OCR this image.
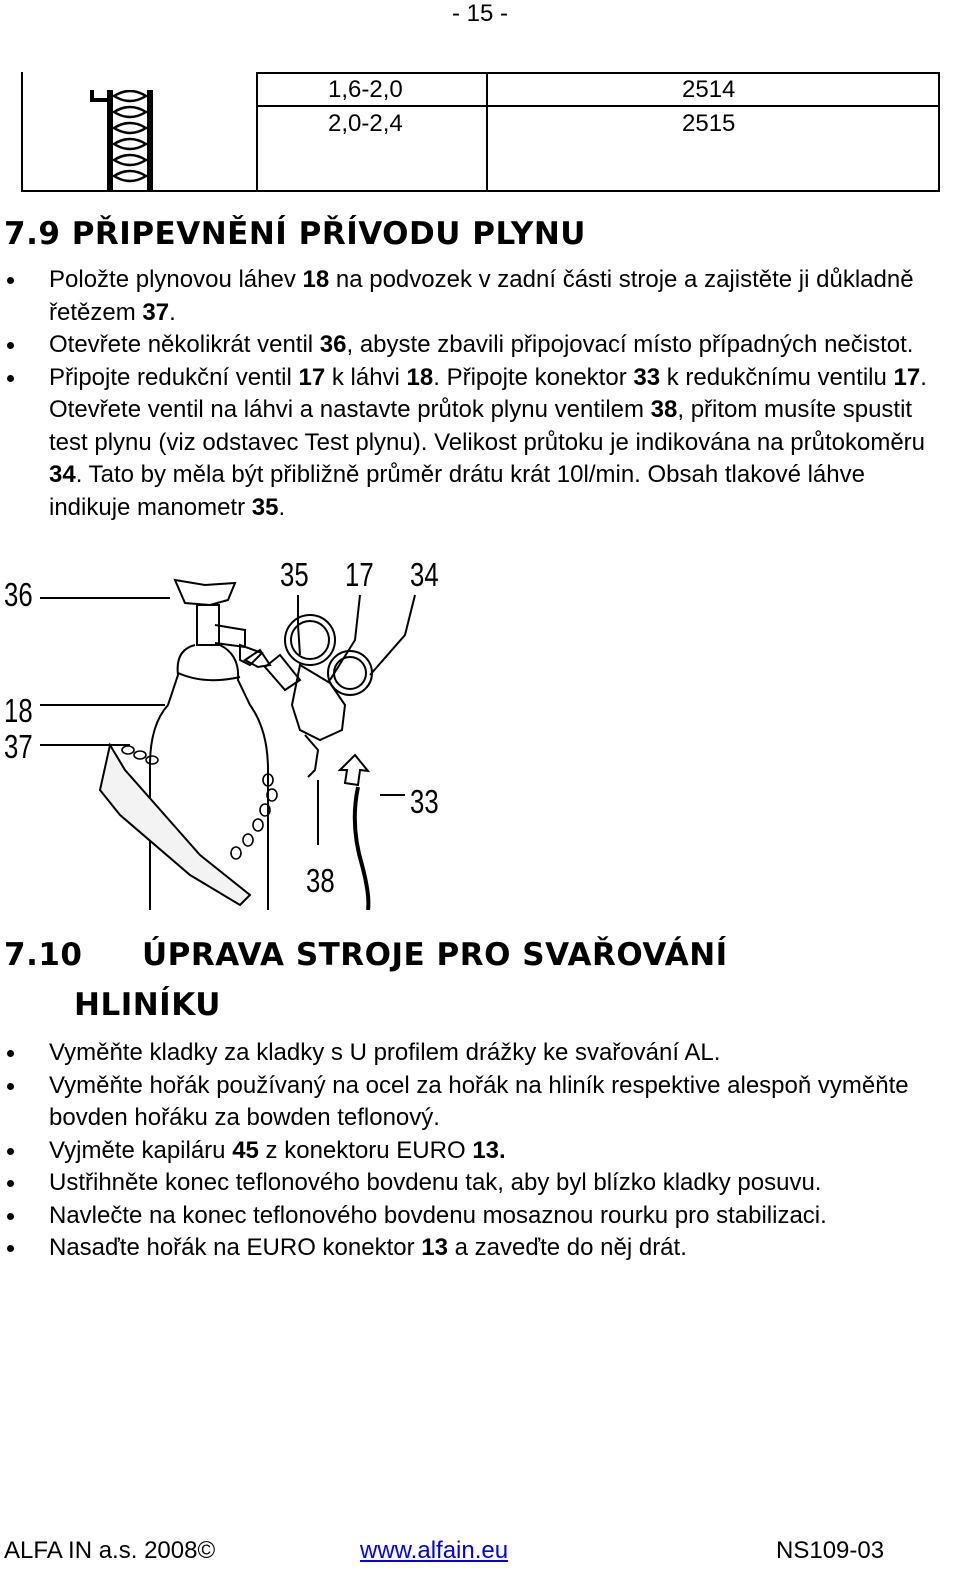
- 15 -
1,6-2,0	2514
2,0-2,4	2515
7.9 PŘIPEVNĚNÍ PŘÍVODU PLYNU
Položte plynovou láhev 18 na podvozek v zadní části stroje a zajistěte ji důkladně řetězem 37.
Otevřete několikrát ventil 36, abyste zbavili připojovací místo případných nečistot.
Připojte redukční ventil 17 k láhvi 18. Připojte konektor 33 k redukčnímu ventilu 17. Otevřete ventil na láhvi a nastavte průtok plynu ventilem 38, přitom musíte spustit test plynu (viz odstavec Test plynu). Velikost průtoku je indikována na průtokoměru 34. Tato by měla být přibližně průměr drátu krát 10l/min. Obsah tlakové láhve indikuje manometr 35.
36
35 17 34
18
37
33
38
7.10 ÚPRAVA STROJE PRO SVAŘOVÁNÍ
HLINÍKU
Vyměňte kladky za kladky s U profilem drážky ke svařování AL.
Vyměňte hořák používaný na ocel za hořák na hliník respektive alespoň vyměňte bovden hořáku za bowden teflonový.
Vyjměte kapiláru 45 z konektoru EURO 13.
Ustřihněte konec teflonového bovdenu tak, aby byl blízko kladky posuvu.
Navlečte na konec teflonového bovdenu mosaznou rourku pro stabilizaci.
Nasaďte hořák na EURO konektor 13 a zaveďte do něj drát.
ALFA IN a.s. 2008©	www.alfain.eu	NS109-03
